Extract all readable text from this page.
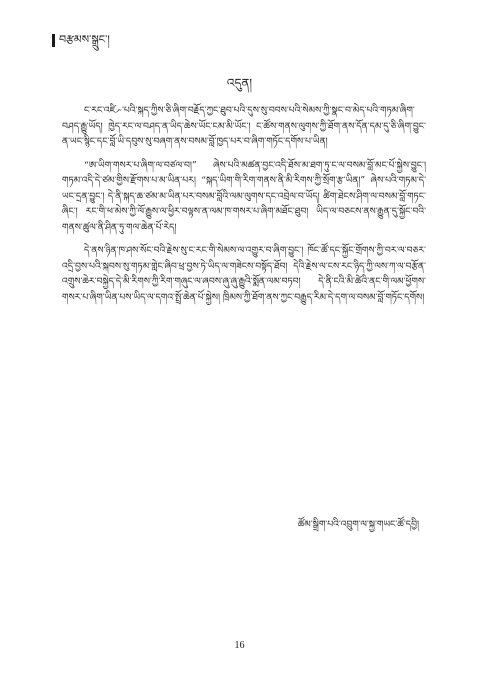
བརྩམས་སྒྲུང་།
འདུན།

ང་རང་འཛིނ་པའི་སྐད་ཀྱིས་ཅི་ཞིག་བརྗོད་ཀྱང་ཐུབ་པའི་དུས་སུ་བབས་པའི་སེམས་ཀྱི་སྣང་བ་མེད་པའི་གཏམ་ཞིག་བཤད་རྒྱུ་ཡོད། ཁྱེད་རང་ལ་བཤད་ན་ཡིད་ཆེས་ཡོང་ངམ་མི་ཡོང་། ང་ཚོས་གནས་ལུགས་ཀྱི་ཐོག་ནས་དོན་དམ་དུ་ཅི་ཞིག་བྱུང་ན་ཡང་སྙིང་དང་བློ་ཡི་དབུས་སུ་བཞག་ནས་བསམ་བློ་ཁྱད་པར་བ་ཞིག་གཏོང་དགོས་པ་ཡིན།

“ཨ་ཡིག་གསར་པ་ཞིག་ལ་བཙལ་བ།” ཞེས་པའི་མཚན་བྱང་འདི་ཐོས་མ་ཐག་ཏུ་ང་ལ་བསམ་བློ་མང་པོ་སྐྱེས་བྱུང་། གཏམ་འདི་དེ་ཙམ་གྱིས་རྫོགས་པ་མ་ཡིན་པར། “སྐད་ཡིག་གི་རིག་གནས་ནི་མི་རིགས་ཀྱི་སྲོག་རྩ་ཡིན།” ཞེས་པའི་གཏམ་དེ་ཡང་དྲན་བྱུང་། དེ་ནི་སྐད་ཆ་ཙམ་མ་ཡིན་པར་བསམ་བློའི་ལམ་ལུགས་དང་འབྲེལ་བ་ཡོད། ཚིག་ཐེངས་ཤིག་ལ་བསམ་བློ་གཏང་ཞིང་། རང་གི་ཕ་མེས་ཀྱི་ལོ་རྒྱུས་ལ་ཕྱིར་བལྟས་ན་ལམ་ཁ་གསར་པ་ཞིག་མཐོང་ཐུབ། ཡིད་ལ་བཅངས་ནས་རྒྱུན་དུ་སྐྱོང་བའི་གནས་ཚུལ་ནི་ཤིན་ཏུ་གལ་ཆེན་པོ་རེད།

དེ་ནས་ཉིན་ཁ་ཤས་སོང་བའི་རྗེས་སུ་ང་རང་གི་སེམས་ལ་འགྱུར་བ་ཞིག་བྱུང་། ཁོང་ཚོ་དང་སྐྱོང་གྲོགས་ཀྱི་བར་ལ་བཅར་འདྲི་བྱས་པའི་སྐབས་སུ་གཏམ་གླེང་ཞིབ་ཕྲ་བྱས་ཏེ་ཡིད་ལ་གཟེངས་བསྟོད་ཐོབ། དེའི་རྗེས་ལ་ངས་རང་ཉིད་ཀྱི་ལས་ཀ་ལ་བརྩོན་འགྲུས་ཆེར་བསྐྱེད་དེ་མི་རིགས་ཀྱི་རིག་གཞུང་ལ་ཞབས་ཞུ་ཞུ་རྒྱུའི་སྨོན་ལམ་བཏབ། དེ་ནི་ངའི་མི་ཚེའི་ནང་གི་ལམ་ཕྱོགས་གསར་པ་ཞིག་ཡིན་པས་ཡིད་ལ་དགའ་སྤྲོ་ཆེན་པོ་སྐྱེས། ཁྲིམས་ཀྱི་ཐོག་ནས་ཀྱང་བརྒྱུད་རིམ་དེ་དག་ལ་བསམ་བློ་གཏོང་དགོས།

ཚོམ་སྒྲིག་པའི་འབྲུག་ལ་སྐྱ་གཡང་ཚོ་དབྱི།
16
